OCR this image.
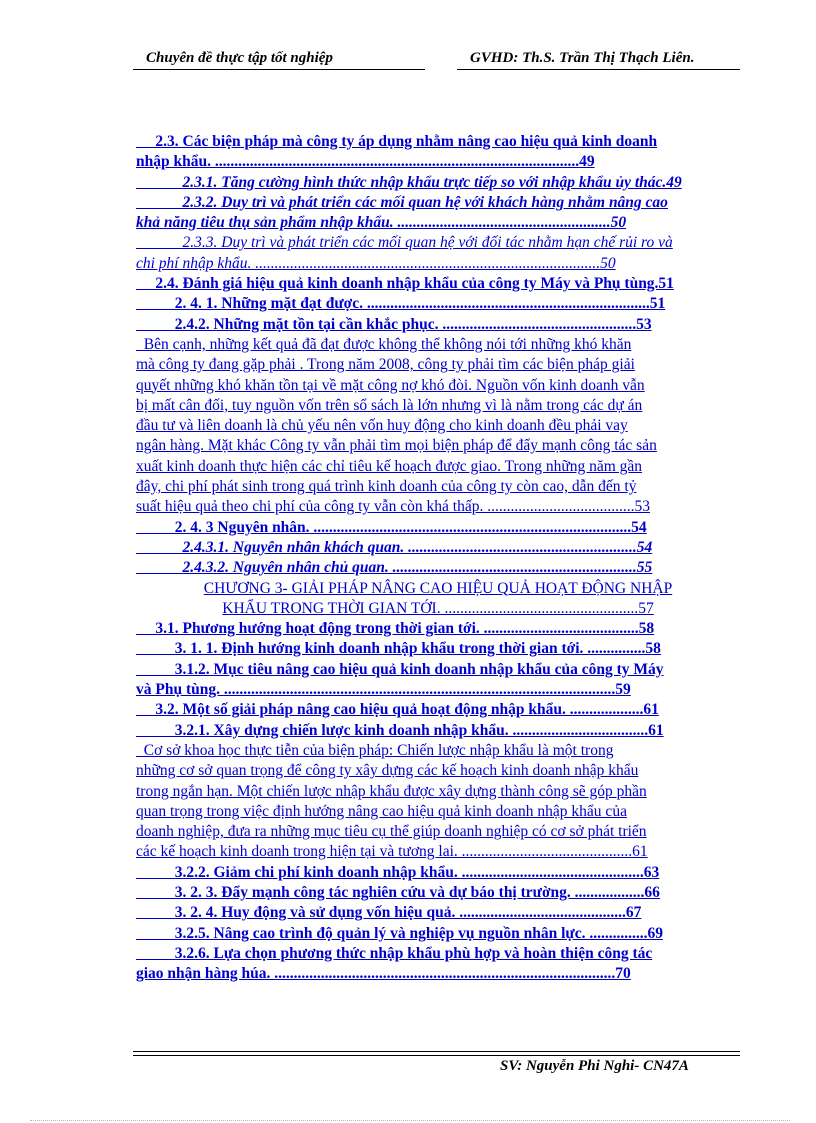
Chuyên đề thực tập tốt nghiệp	GVHD: Th.S. Trần Thị Thạch Liên.
2.3. Các biện pháp mà công ty áp dụng nhằm nâng cao hiệu quả kinh doanh
nhập khẩu. ..............................................................................................49
2.3.1. Tăng cường hình thức nhập khẩu trực tiếp so với nhập khẩu ủy thác.49
2.3.2. Duy trì và phát triển các mối quan hệ với khách hàng nhằm nâng cao
khả năng tiêu thụ sản phẩm nhập khẩu. .......................................................50
2.3.3. Duy trì và phát triển các mối quan hệ với đối tác nhằm hạn chế rủi ro và
chi phí nhập khẩu. .........................................................................................50
2.4. Đánh giá hiệu quả kinh doanh nhập khẩu của công ty Máy và Phụ tùng.51
2. 4. 1. Những mặt đạt được. .........................................................................51
2.4.2. Những mặt tồn tại cần khắc phục. ..................................................53
Bên cạnh, những kết quả đã đạt được không thể không nói tới những khó khăn
mà công ty đang gặp phải . Trong năm 2008, công ty phải tìm các biện pháp giải
quyết những khó khăn tồn tại về mặt công nợ khó đòi. Nguồn vốn kinh doanh vẫn
bị mất cân đối, tuy nguồn vốn trên sổ sách là lớn nhưng vì là nằm trong các dự án
đầu tư và liên doanh là chủ yếu nên vốn huy động cho kinh doanh đều phải vay
ngân hàng. Mặt khác Công ty vẫn phải tìm mọi biện pháp để đẩy mạnh công tác sản
xuất kinh doanh thực hiện các chỉ tiêu kế hoạch được giao. Trong những năm gần
đây, chi phí phát sinh trong quá trình kinh doanh của công ty còn cao, dẫn đến tỷ
suất hiệu quả theo chi phí của công ty vẫn còn khá thấp. ......................................53
2. 4. 3 Nguyên nhân. ..................................................................................54
2.4.3.1. Nguyên nhân khách quan. ...........................................................54
2.4.3.2. Nguyên nhân chủ quan. ...............................................................55
CHƯƠNG 3- GIẢI PHÁP NÂNG CAO HIỆU QUẢ HOẠT ĐỘNG NHẬP
KHẨU TRONG THỜI GIAN TỚI. ..................................................57
3.1. Phương hướng hoạt động trong thời gian tới. ........................................58
3. 1. 1. Định hướng kinh doanh nhập khẩu trong thời gian tới. ...............58
3.1.2. Mục tiêu nâng cao hiệu quả kinh doanh nhập khẩu của công ty Máy
và Phụ tùng. .....................................................................................................59
3.2. Một số giải pháp nâng cao hiệu quả hoạt động nhập khẩu. ...................61
3.2.1. Xây dựng chiến lược kinh doanh nhập khẩu. ...................................61
Cơ sở khoa học thực tiễn của biện pháp: Chiến lược nhập khẩu là một trong
những cơ sở quan trọng để công ty xây dựng các kế hoạch kinh doanh nhập khẩu
trong ngắn hạn. Một chiến lược nhập khẩu được xây dựng thành công sẽ góp phần
quan trọng trong việc định hướng nâng cao hiệu quả kinh doanh nhập khẩu của
doanh nghiệp, đưa ra những mục tiêu cụ thể giúp doanh nghiệp có cơ sở phát triển
các kế hoạch kinh doanh trong hiện tại và tương lai. ............................................61
3.2.2. Giảm chi phí kinh doanh nhập khẩu. ...............................................63
3. 2. 3. Đẩy mạnh công tác nghiên cứu và dự báo thị trường. ..................66
3. 2. 4. Huy động và sử dụng vốn hiệu quả. ...........................................67
3.2.5. Nâng cao trình độ quản lý và nghiệp vụ nguồn nhân lực. ...............69
3.2.6. Lựa chọn phương thức nhập khẩu phù hợp và hoàn thiện công tác
giao nhận hàng húa. ........................................................................................70
SV: Nguyễn Phi Nghi- CN47A
